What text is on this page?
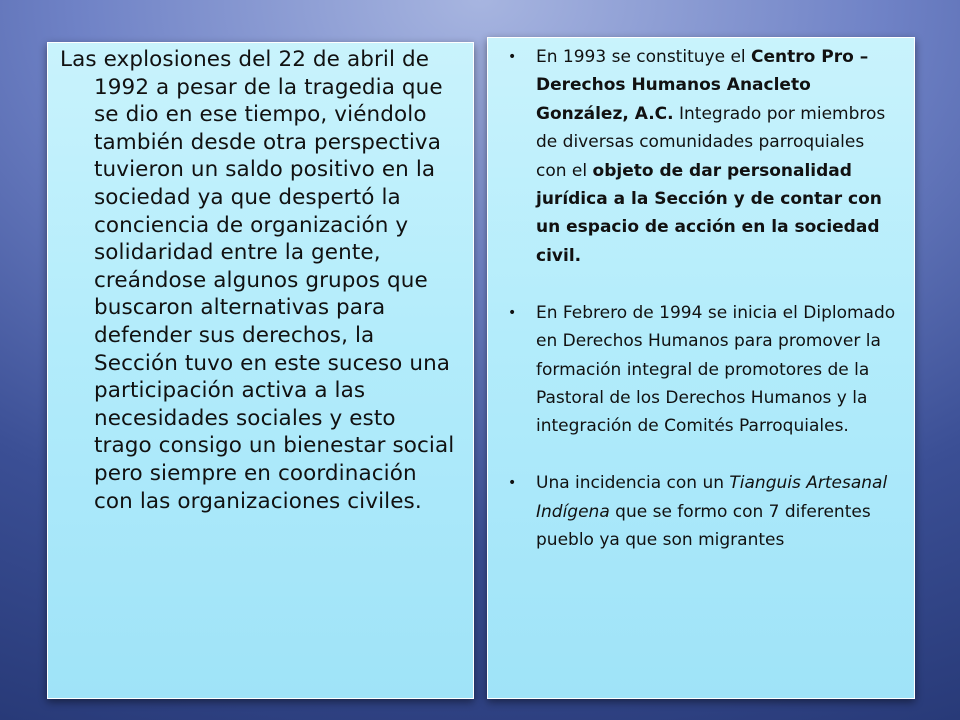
Las explosiones del 22 de abril de 1992 a pesar de la tragedia que se dio en ese tiempo, viéndolo también desde otra perspectiva tuvieron un saldo positivo en la sociedad ya que despertó la conciencia de organización y solidaridad entre la gente, creándose algunos grupos que buscaron alternativas para defender sus derechos, la Sección tuvo en este suceso una participación activa a las necesidades sociales y esto trago consigo un bienestar social pero siempre en coordinación con las organizaciones civiles.

• En 1993 se constituye el Centro Pro – Derechos Humanos Anacleto González, A.C. Integrado por miembros de diversas comunidades parroquiales con el objeto de dar personalidad jurídica a la Sección y de contar con un espacio de acción en la sociedad civil.
• En Febrero de 1994 se inicia el Diplomado en Derechos Humanos para promover la formación integral de promotores de la Pastoral de los Derechos Humanos y la integración de Comités Parroquiales.
• Una incidencia con un Tianguis Artesanal Indígena que se formo con 7 diferentes pueblo ya que son migrantes
